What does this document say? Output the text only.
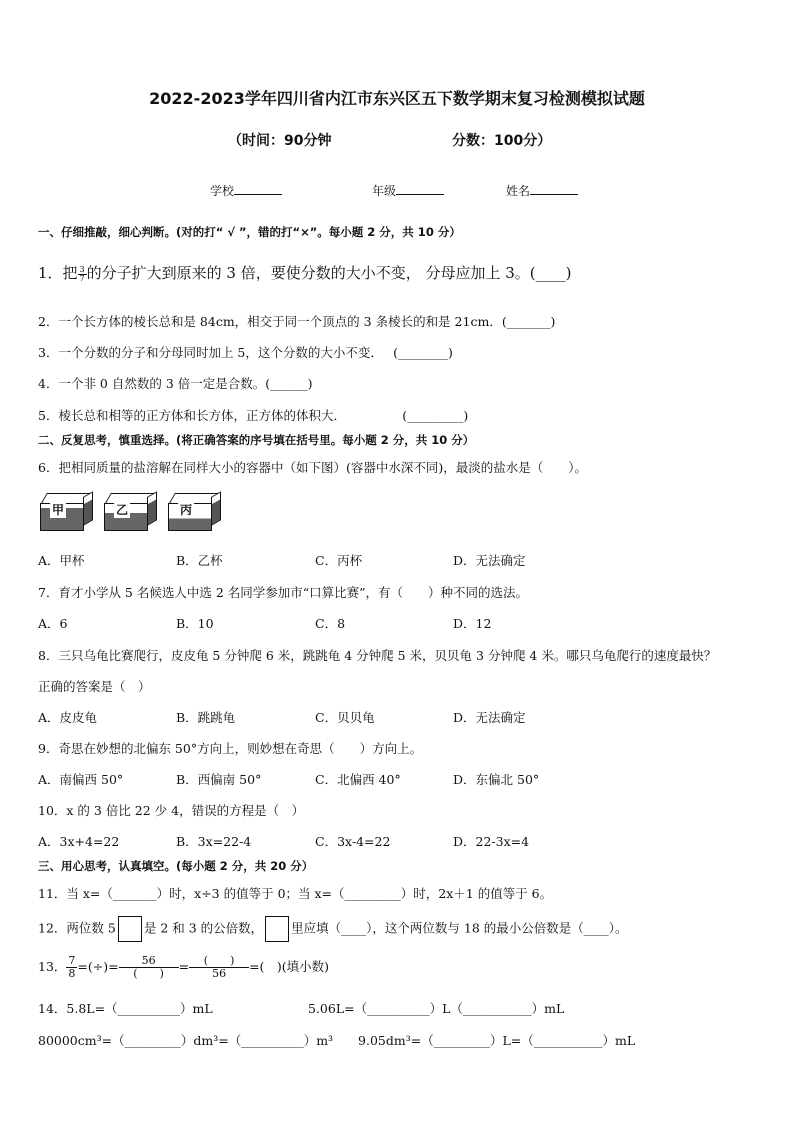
2022-2023学年四川省内江市东兴区五下数学期末复习检测模拟试题
（时间：90分钟	分数：100分）
学校	年级	姓名
一、仔细推敲，细心判断。(对的打“ √ ”，错的打“×”。每小题 2 分，共 10 分）
1．把 $\frac{3}{7}$ 的分子扩大到原来的 3 倍，要使分数的大小不变， 分母应加上 3。(____)
2．一个长方体的棱长总和是 84cm，相交于同一个顶点的 3 条棱长的和是 21cm．(_______)
3．一个分数的分子和分母同时加上 5，这个分数的大小不变．　 (________)
4．一个非 0 自然数的 3 倍一定是合数。(______)
5．棱长总和相等的正方体和长方体，正方体的体积大．　　　　　(_________)
二、反复思考，慎重选择。(将正确答案的序号填在括号里。每小题 2 分，共 10 分）
6．把相同质量的盐溶解在同样大小的容器中（如下图）(容器中水深不同)，最淡的盐水是（　　）。
甲	乙	丙
A．甲杯	B．乙杯	C．丙杯	D．无法确定
7．育才小学从 5 名候选人中选 2 名同学参加市“口算比赛”，有（　　）种不同的选法。
A．6	B．10	C．8	D．12
8．三只乌龟比赛爬行，皮皮龟 5 分钟爬 6 米，跳跳龟 4 分钟爬 5 米，贝贝龟 3 分钟爬 4 米。哪只乌龟爬行的速度最快？
正确的答案是（　）
A．皮皮龟	B．跳跳龟	C．贝贝龟	D．无法确定
9．奇思在妙想的北偏东 50°方向上，则妙想在奇思（　　）方向上。
A．南偏西 50°	B．西偏南 50°	C．北偏西 40°	D．东偏北 50°
10．x 的 3 倍比 22 少 4，错误的方程是（　）
A．3x+4=22	B．3x=22-4	C．3x-4=22	D．22-3x=4
三、用心思考，认真填空。(每小题 2 分，共 20 分）
11．当 x=（_______）时，x÷3 的值等于 0；当 x=（_________）时，2x＋1 的值等于 6。
12．两位数 5 是 2 和 3 的公倍数， 里应填（____），这个两位数与 18 的最小公倍数是（____）。
13． $\frac{7}{8}$ =(÷)= $\frac{56}{( )} = \frac{( )}{56}$ =(　)(填小数)
14．5.8L=（__________）mL	5.06L=（__________）L（___________）mL
80000cm³=（_________）dm³=（__________）m³　　9.05dm³=（_________）L=（___________）mL
